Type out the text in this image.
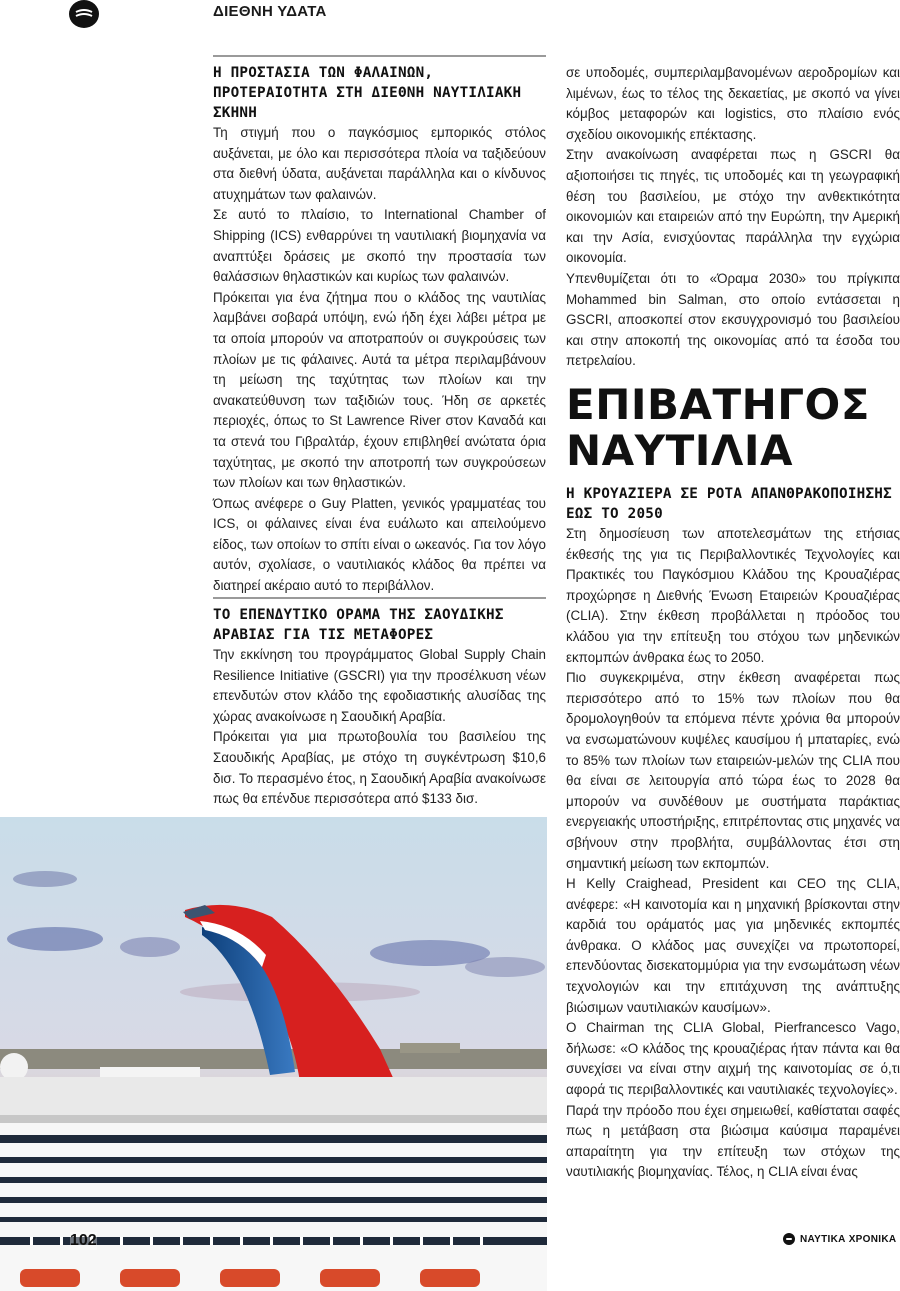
ΔΙΕΘΝΗ ΥΔΑΤΑ
Η ΠΡΟΣΤΑΣΙΑ ΤΩΝ ΦΑΛΑΙΝΩΝ, ΠΡΟΤΕΡΑΙΟΤΗΤΑ ΣΤΗ ΔΙΕΘΝΗ ΝΑΥΤΙΛΙΑΚΗ ΣΚΗΝΗ

Τη στιγμή που ο παγκόσμιος εμπορικός στόλος αυξάνεται, με όλο και περισσότερα πλοία να ταξιδεύουν στα διεθνή ύδατα, αυξάνεται παράλληλα και ο κίνδυνος ατυχημάτων των φαλαινών.

Σε αυτό το πλαίσιο, το International Chamber of Shipping (ICS) ενθαρρύνει τη ναυτιλιακή βιομηχανία να αναπτύξει δράσεις με σκοπό την προστασία των θαλάσσιων θηλαστικών και κυρίως των φαλαινών.

Πρόκειται για ένα ζήτημα που ο κλάδος της ναυτιλίας λαμβάνει σοβαρά υπόψη, ενώ ήδη έχει λάβει μέτρα με τα οποία μπορούν να αποτραπούν οι συγκρούσεις των πλοίων με τις φάλαινες. Αυτά τα μέτρα περιλαμβάνουν τη μείωση της ταχύτητας των πλοίων και την ανακατεύθυνση των ταξιδιών τους. Ήδη σε αρκετές περιοχές, όπως το St Lawrence River στον Καναδά και τα στενά του Γιβραλτάρ, έχουν επιβληθεί ανώτατα όρια ταχύτητας, με σκοπό την αποτροπή των συγκρούσεων των πλοίων και των θηλαστικών.

Όπως ανέφερε ο Guy Platten, γενικός γραμματέας του ICS, οι φάλαινες είναι ένα ευάλωτο και απειλούμενο είδος, των οποίων το σπίτι είναι ο ωκεανός. Για τον λόγο αυτόν, σχολίασε, ο ναυτιλιακός κλάδος θα πρέπει να διατηρεί ακέραιο αυτό το περιβάλλον.

ΤΟ ΕΠΕΝΔΥΤΙΚΟ ΟΡΑΜΑ ΤΗΣ ΣΑΟΥΔΙΚΗΣ ΑΡΑΒΙΑΣ ΓΙΑ ΤΙΣ ΜΕΤΑΦΟΡΕΣ

Την εκκίνηση του προγράμματος Global Supply Chain Resilience Initiative (GSCRI) για την προσέλκυση νέων επενδυτών στον κλάδο της εφοδιαστικής αλυσίδας της χώρας ανακοίνωσε η Σαουδική Αραβία.

Πρόκειται για μια πρωτοβουλία του βασιλείου της Σαουδικής Αραβίας, με στόχο τη συγκέντρωση $10,6 δισ. Το περασμένο έτος, η Σαουδική Αραβία ανακοίνωσε πως θα επένδυε περισσότερα από $133 δισ.

102

σε υποδομές, συμπεριλαμβανομένων αεροδρομίων και λιμένων, έως το τέλος της δεκαετίας, με σκοπό να γίνει κόμβος μεταφορών και logistics, στο πλαίσιο ενός σχεδίου οικονομικής επέκτασης.

Στην ανακοίνωση αναφέρεται πως η GSCRI θα αξιοποιήσει τις πηγές, τις υποδομές και τη γεωγραφική θέση του βασιλείου, με στόχο την ανθεκτικότητα οικονομιών και εταιρειών από την Ευρώπη, την Αμερική και την Ασία, ενισχύοντας παράλληλα την εγχώρια οικονομία.

Υπενθυμίζεται ότι το «Όραμα 2030» του πρίγκιπα Mohammed bin Salman, στο οποίο εντάσσεται η GSCRI, αποσκοπεί στον εκσυγχρονισμό του βασιλείου και στην αποκοπή της οικονομίας από τα έσοδα του πετρελαίου.

ΕΠΙΒΑΤΗΓΟΣ
ΝΑΥΤΙΛΙΑ
Η ΚΡΟΥΑΖΙΕΡΑ ΣΕ ΡΟΤΑ ΑΠΑΝΘΡΑΚΟΠΟΙΗΣΗΣ ΕΩΣ ΤΟ 2050

Στη δημοσίευση των αποτελεσμάτων της ετήσιας έκθεσής της για τις Περιβαλλοντικές Τεχνολογίες και Πρακτικές του Παγκόσμιου Κλάδου της Κρουαζιέρας προχώρησε η Διεθνής Ένωση Εταιρειών Κρουαζιέρας (CLIA). Στην έκθεση προβάλλεται η πρόοδος του κλάδου για την επίτευξη του στόχου των μηδενικών εκπομπών άνθρακα έως το 2050.

Πιο συγκεκριμένα, στην έκθεση αναφέρεται πως περισσότερο από το 15% των πλοίων που θα δρομολογηθούν τα επόμενα πέντε χρόνια θα μπορούν να ενσωματώνουν κυψέλες καυσίμου ή μπαταρίες, ενώ το 85% των πλοίων των εταιρειών-μελών της CLIA που θα είναι σε λειτουργία από τώρα έως το 2028 θα μπορούν να συνδέθουν με συστήματα παράκτιας ενεργειακής υποστήριξης, επιτρέποντας στις μηχανές να σβήνουν στην προβλήτα, συμβάλλοντας έτσι στη σημαντική μείωση των εκπομπών.

Η Kelly Craighead, President και CEO της CLIA, ανέφερε: «Η καινοτομία και η μηχανική βρίσκονται στην καρδιά του οράματός μας για μηδενικές εκπομπές άνθρακα. Ο κλάδος μας συνεχίζει να πρωτοπορεί, επενδύοντας δισεκατομμύρια για την ενσωμάτωση νέων τεχνολογιών και την επιτάχυνση της ανάπτυξης βιώσιμων ναυτιλιακών καυσίμων».

Ο Chairman της CLIA Global, Pierfrancesco Vago, δήλωσε: «Ο κλάδος της κρουαζιέρας ήταν πάντα και θα συνεχίσει να είναι στην αιχμή της καινοτομίας σε ό,τι αφορά τις περιβαλλοντικές και ναυτιλιακές τεχνολογίες».

Παρά την πρόοδο που έχει σημειωθεί, καθίσταται σαφές πως η μετάβαση στα βιώσιμα καύσιμα παραμένει απαραίτητη για την επίτευξη των στόχων της ναυτιλιακής βιομηχανίας. Τέλος, η CLIA είναι ένας

ΝΑΥΤΙΚΑ ΧΡΟΝΙΚΑ
